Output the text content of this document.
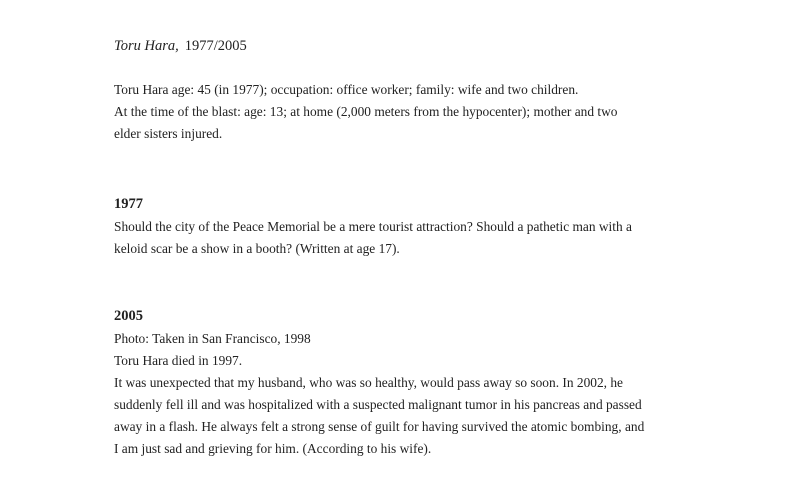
Toru Hara, 1977/2005
Toru Hara age: 45 (in 1977); occupation: office worker; family: wife and two children.
At the time of the blast: age: 13; at home (2,000 meters from the hypocenter); mother and two
elder sisters injured.
1977
Should the city of the Peace Memorial be a mere tourist attraction? Should a pathetic man with a
keloid scar be a show in a booth? (Written at age 17).
2005
Photo: Taken in San Francisco, 1998
Toru Hara died in 1997.
It was unexpected that my husband, who was so healthy, would pass away so soon. In 2002, he
suddenly fell ill and was hospitalized with a suspected malignant tumor in his pancreas and passed
away in a flash. He always felt a strong sense of guilt for having survived the atomic bombing, and
I am just sad and grieving for him. (According to his wife).
